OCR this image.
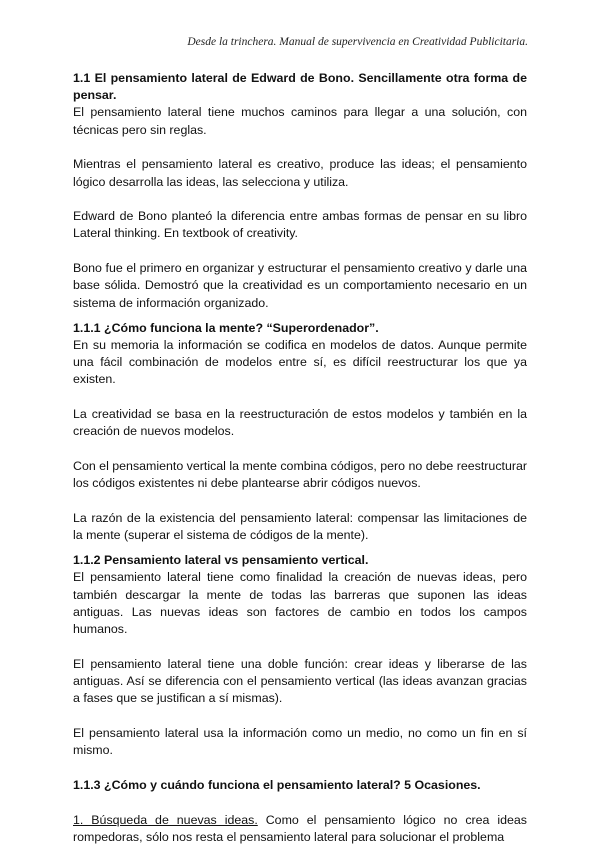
Desde la trinchera. Manual de supervivencia en Creatividad Publicitaria.
1.1 El pensamiento lateral de Edward de Bono. Sencillamente otra forma de pensar.

El pensamiento lateral tiene muchos caminos para llegar a una solución, con técnicas pero sin reglas.

Mientras el pensamiento lateral es creativo, produce las ideas; el pensamiento lógico desarrolla las ideas, las selecciona y utiliza.

Edward de Bono planteó la diferencia entre ambas formas de pensar en su libro Lateral thinking. En textbook of creativity.

Bono fue el primero en organizar y estructurar el pensamiento creativo y darle una base sólida. Demostró que la creatividad es un comportamiento necesario en un sistema de información organizado.

1.1.1 ¿Cómo funciona la mente? “Superordenador”.

En su memoria la información se codifica en modelos de datos. Aunque permite una fácil combinación de modelos entre sí, es difícil reestructurar los que ya existen.

La creatividad se basa en la reestructuración de estos modelos y también en la creación de nuevos modelos.

Con el pensamiento vertical la mente combina códigos, pero no debe reestructurar los códigos existentes ni debe plantearse abrir códigos nuevos.

La razón de la existencia del pensamiento lateral: compensar las limitaciones de la mente (superar el sistema de códigos de la mente).

1.1.2 Pensamiento lateral vs pensamiento vertical.

El pensamiento lateral tiene como finalidad la creación de nuevas ideas, pero también descargar la mente de todas las barreras que suponen las ideas antiguas. Las nuevas ideas son factores de cambio en todos los campos humanos.

El pensamiento lateral tiene una doble función: crear ideas y liberarse de las antiguas. Así se diferencia con el pensamiento vertical (las ideas avanzan gracias a fases que se justifican a sí mismas).

El pensamiento lateral usa la información como un medio, no como un fin en sí mismo.

1.1.3 ¿Cómo y cuándo funciona el pensamiento lateral? 5 Ocasiones.

1. Búsqueda de nuevas ideas. Como el pensamiento lógico no crea ideas rompedoras, sólo nos resta el pensamiento lateral para solucionar el problema
